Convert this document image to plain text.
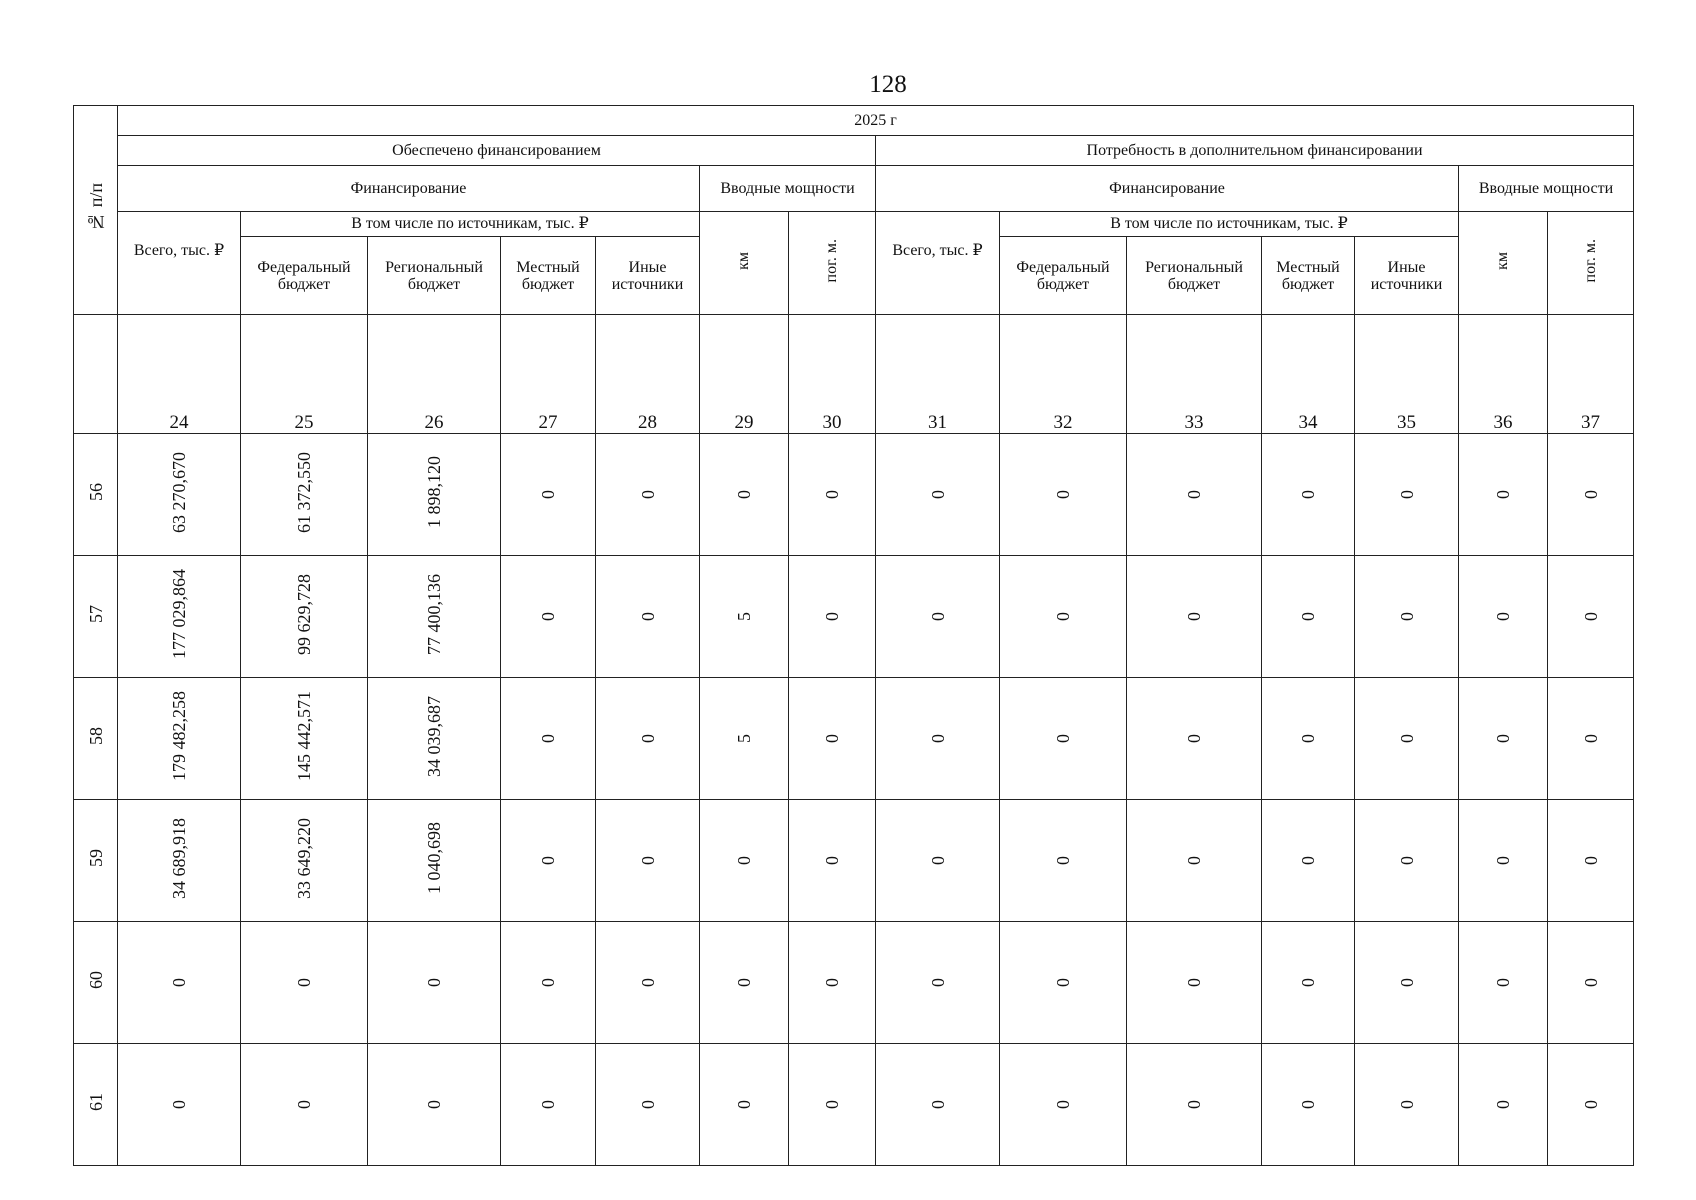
128
№ п/п	2025 г													
	Обеспечено финансированием							Потребность в дополнительном финансировании						
	Финансирование					Вводные мощности		Финансирование					Вводные мощности	
	Всего, тыс. ₽	В том числе по источникам, тыс. ₽				км	пог. м.	Всего, тыс. ₽	В том числе по источникам, тыс. ₽				км	пог. м.
		Федеральный бюджет	Региональный бюджет	Местный бюджет	Иные источники				Федеральный бюджет	Региональный бюджет	Местный бюджет	Иные источники		
	24	25	26	27	28	29	30	31	32	33	34	35	36	37
56	63 270,670	61 372,550	1 898,120	0	0	0	0	0	0	0	0	0	0	0
57	177 029,864	99 629,728	77 400,136	0	0	5	0	0	0	0	0	0	0	0
58	179 482,258	145 442,571	34 039,687	0	0	5	0	0	0	0	0	0	0	0
59	34 689,918	33 649,220	1 040,698	0	0	0	0	0	0	0	0	0	0	0
60	0	0	0	0	0	0	0	0	0	0	0	0	0	0
61	0	0	0	0	0	0	0	0	0	0	0	0	0	0
